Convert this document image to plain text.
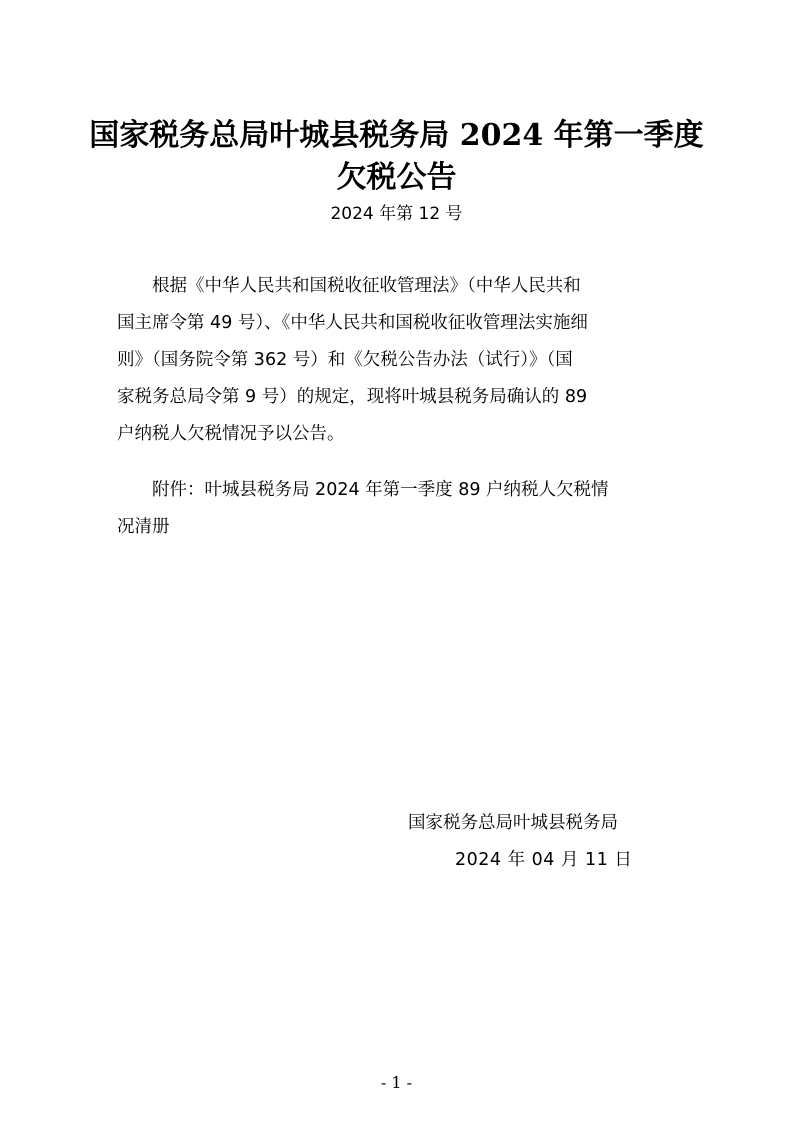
国家税务总局叶城县税务局 2024 年第一季度
欠税公告

2024 年第 12 号

　　根据《中华人民共和国税收征收管理法》（中华人民共和

国主席令第 49 号）、《中华人民共和国税收征收管理法实施细

则》（国务院令第 362 号）和《欠税公告办法（试行）》（国

家税务总局令第 9 号）的规定，现将叶城县税务局确认的 89

户纳税人欠税情况予以公告。

　　附件：叶城县税务局 2024 年第一季度 89 户纳税人欠税情

况清册

国家税务总局叶城县税务局

2024 年 04 月 11 日

- 1 -
